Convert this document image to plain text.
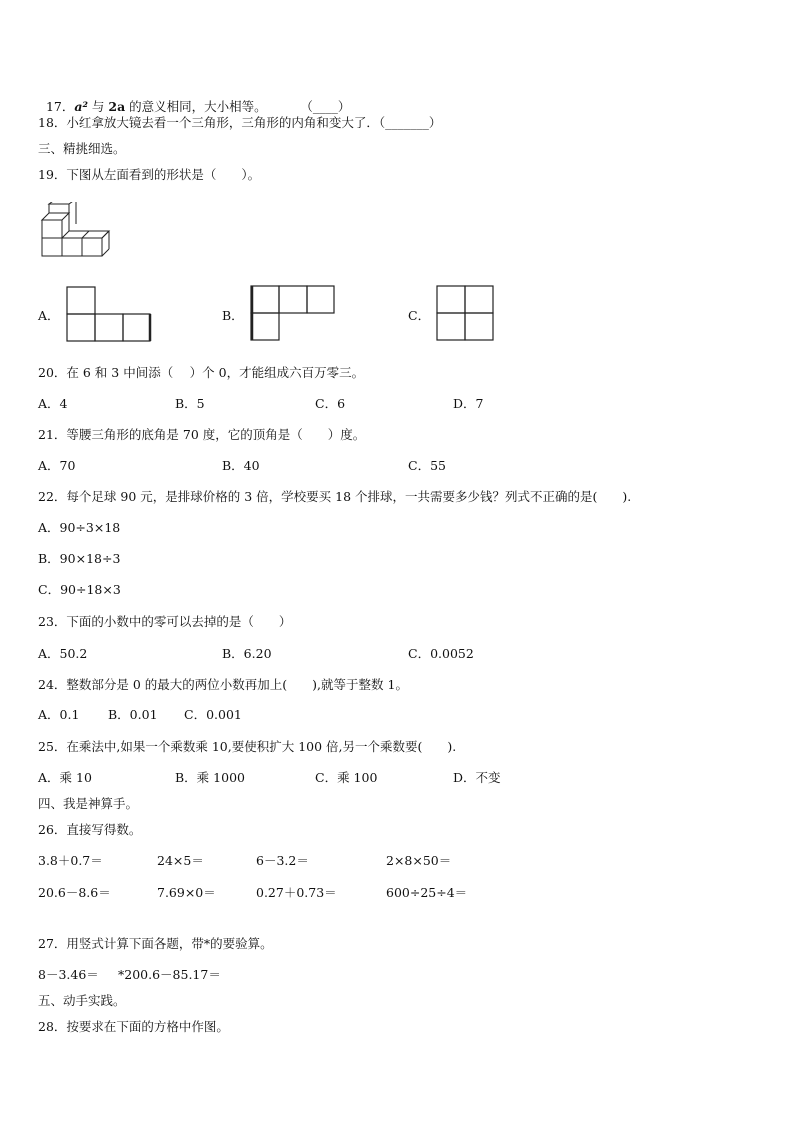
17．a² 与 2a 的意义相同，大小相等。	（____）

18．小红拿放大镜去看一个三角形，三角形的内角和变大了．（_______）
三、精挑细选。
19．下图从左面看到的形状是（　　）。
A．	B．	C．
20．在 6 和 3 中间添（　 ）个 0，才能组成六百万零三。
A．4	B．5	C．6	D．7
21．等腰三角形的底角是 70 度，它的顶角是（　　）度。
A．70	B．40	C．55
22．每个足球 90 元，是排球价格的 3 倍，学校要买 18 个排球，一共需要多少钱？列式不正确的是(　　).
A．90÷3×18
B．90×18÷3
C．90÷18×3
23．下面的小数中的零可以去掉的是（　　）
A．50.2	B．6.20	C．0.0052
24．整数部分是 0 的最大的两位小数再加上(　　),就等于整数 1。
A．0.1 B．0.01 C．0.001
25．在乘法中,如果一个乘数乘 10,要使积扩大 100 倍,另一个乘数要(　　).
A．乘 10	B．乘 1000	C．乘 100	D．不变
四、我是神算手。
26．直接写得数。
3.8＋0.7＝	24×5＝	6－3.2＝	2×8×50＝
20.6－8.6＝	7.69×0＝	0.27＋0.73＝	600÷25÷4＝
27．用竖式计算下面各题，带*的要验算。
8－3.46＝ *200.6－85.17＝
五、动手实践。
28．按要求在下面的方格中作图。
